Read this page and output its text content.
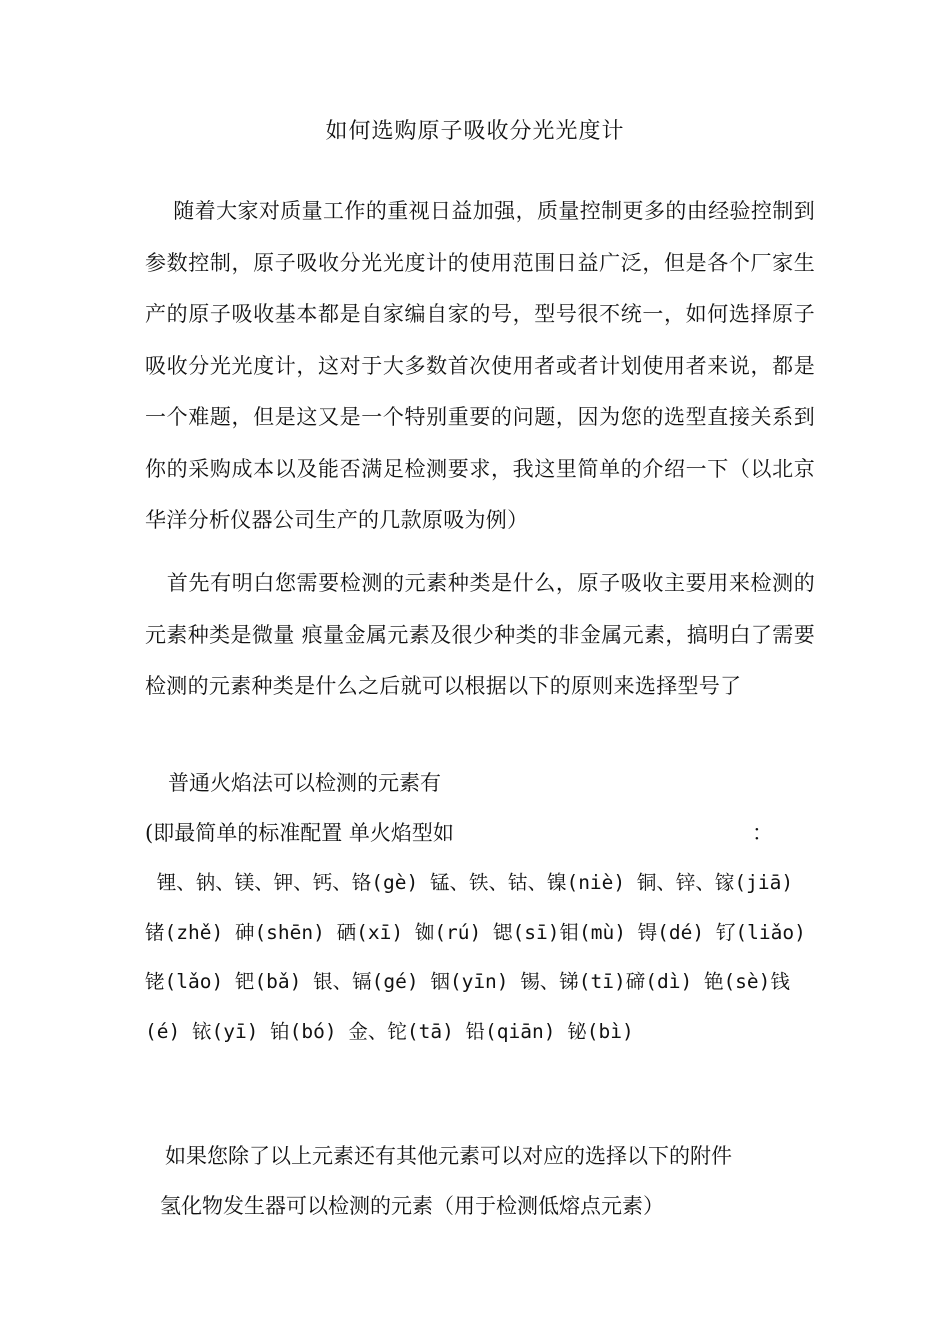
如何选购原子吸收分光光度计

随着大家对质量工作的重视日益加强，质量控制更多的由经验控制到参数控制，原子吸收分光光度计的使用范围日益广泛，但是各个厂家生产的原子吸收基本都是自家编自家的号，型号很不统一，如何选择原子吸收分光光度计，这对于大多数首次使用者或者计划使用者来说，都是一个难题，但是这又是一个特别重要的问题，因为您的选型直接关系到你的采购成本以及能否满足检测要求，我这里简单的介绍一下（以北京华洋分析仪器公司生产的几款原吸为例）

首先有明白您需要检测的元素种类是什么，原子吸收主要用来检测的元素种类是微量 痕量金属元素及很少种类的非金属元素，搞明白了需要检测的元素种类是什么之后就可以根据以下的原则来选择型号了

普通火焰法可以检测的元素有

(即最简单的标准配置 单火焰型如	：

锂、钠、镁、钾、钙、铬(gè) 锰、铁、钴、镍(niè) 铜、锌、镓(jiā) 锗(zhě) 砷(shēn) 硒(xī) 铷(rú) 锶(sī)钼(mù) 锝(dé) 钌(liǎo) 铑(lǎo) 钯(bǎ) 银、镉(gé) 铟(yīn) 锡、锑(tī)碲(dì) 铯(sè)钱(é) 铱(yī) 铂(bó) 金、铊(tā) 铅(qiān) 铋(bì)

如果您除了以上元素还有其他元素可以对应的选择以下的附件

氢化物发生器可以检测的元素（用于检测低熔点元素）
